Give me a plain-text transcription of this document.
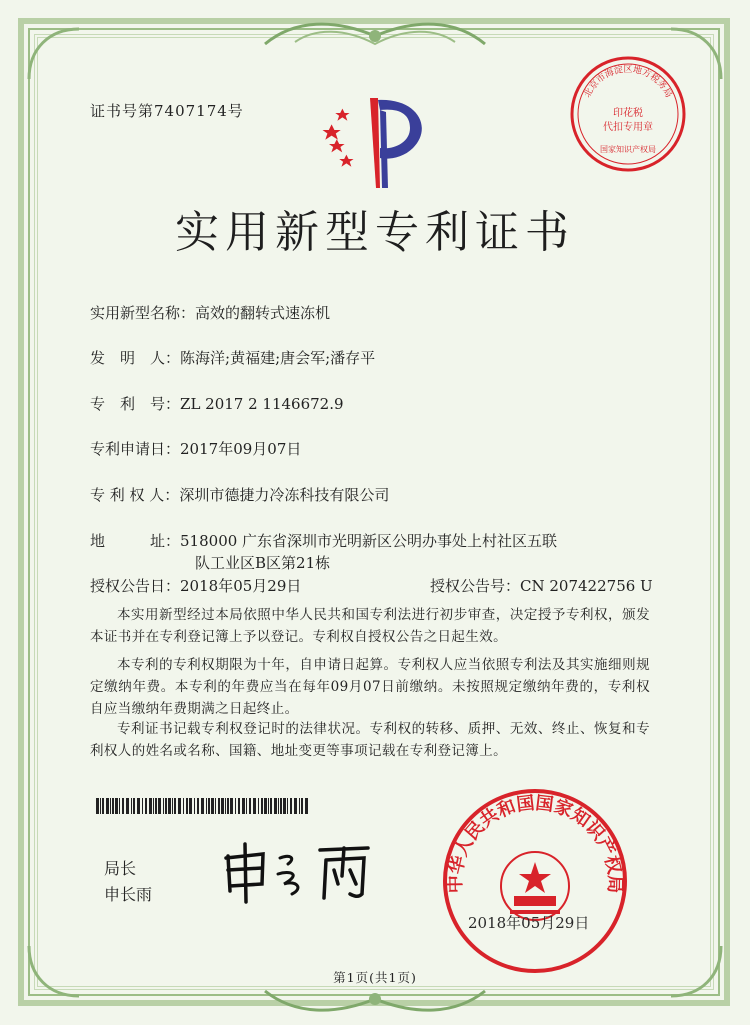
证书号第7407174号
北京市海淀区地方税务局
印花税
代扣专用章
国家知识产权局
实用新型专利证书
实用新型名称：高效的翻转式速冻机
发　明　人：陈海洋;黄福建;唐会军;潘存平
专　利　号：ZL 2017 2 1146672.9
专利申请日：2017年09月07日
专 利 权 人：深圳市德捷力冷冻科技有限公司
地　　　址：518000 广东省深圳市光明新区公明办事处上村社区五联
队工业区B区第21栋
授权公告日：2018年05月29日	授权公告号：CN 207422756 U
本实用新型经过本局依照中华人民共和国专利法进行初步审查，决定授予专利权，颁发本证书并在专利登记簿上予以登记。专利权自授权公告之日起生效。
本专利的专利权期限为十年，自申请日起算。专利权人应当依照专利法及其实施细则规定缴纳年费。本专利的年费应当在每年09月07日前缴纳。未按照规定缴纳年费的，专利权自应当缴纳年费期满之日起终止。
专利证书记载专利权登记时的法律状况。专利权的转移、质押、无效、终止、恢复和专利权人的姓名或名称、国籍、地址变更等事项记载在专利登记簿上。
局长
申长雨
中华人民共和国国家知识产权局
2018年05月29日
第1页(共1页)
